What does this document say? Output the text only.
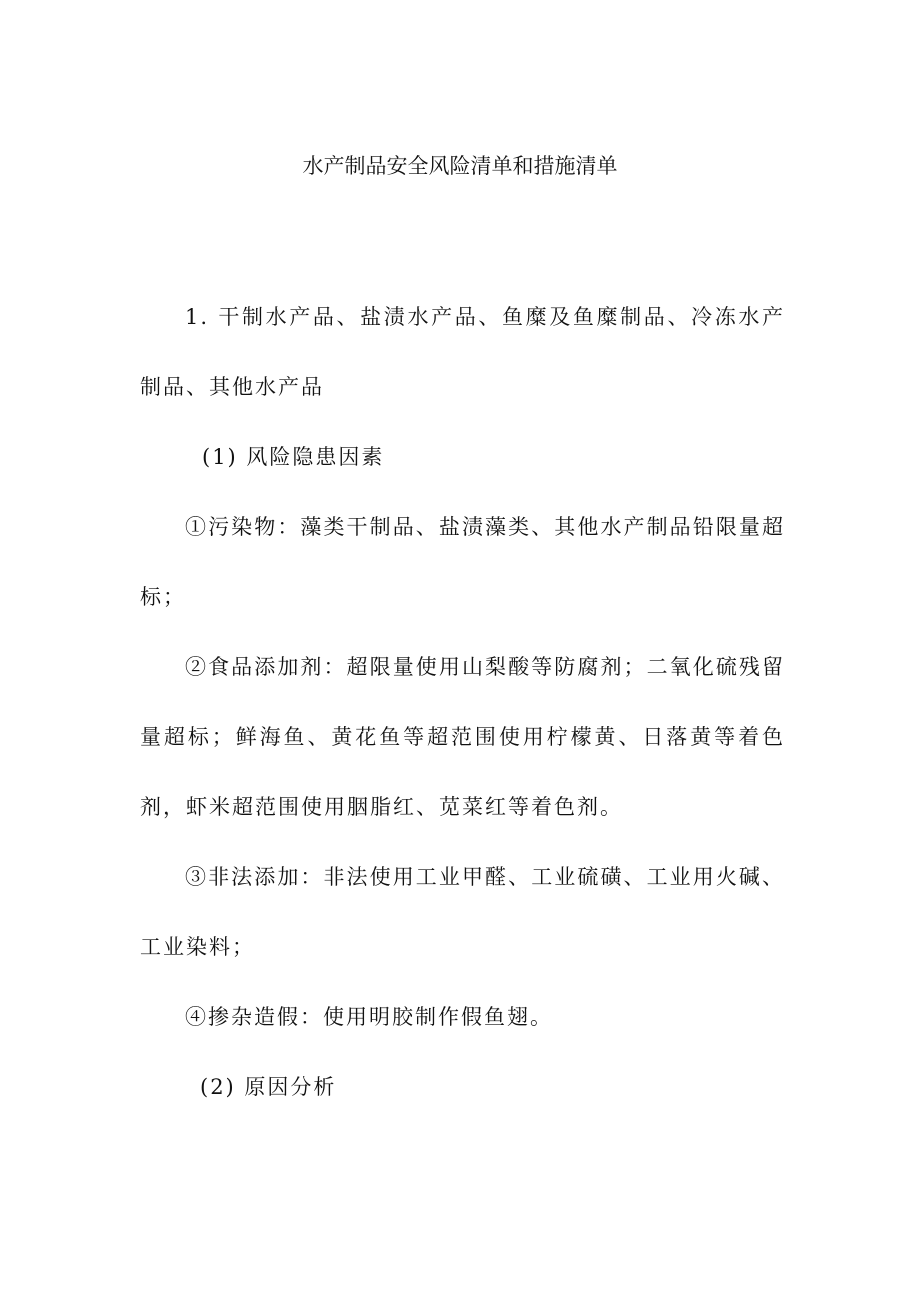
水产制品安全风险清单和措施清单

1. 干制水产品、盐渍水产品、鱼糜及鱼糜制品、冷冻水产制品、其他水产品

(1) 风险隐患因素

①污染物：藻类干制品、盐渍藻类、其他水产制品铅限量超标；

②食品添加剂：超限量使用山梨酸等防腐剂；二氧化硫残留量超标；鲜海鱼、黄花鱼等超范围使用柠檬黄、日落黄等着色剂，虾米超范围使用胭脂红、苋菜红等着色剂。

③非法添加：非法使用工业甲醛、工业硫磺、工业用火碱、工业染料；

④掺杂造假：使用明胶制作假鱼翅。

(2) 原因分析
